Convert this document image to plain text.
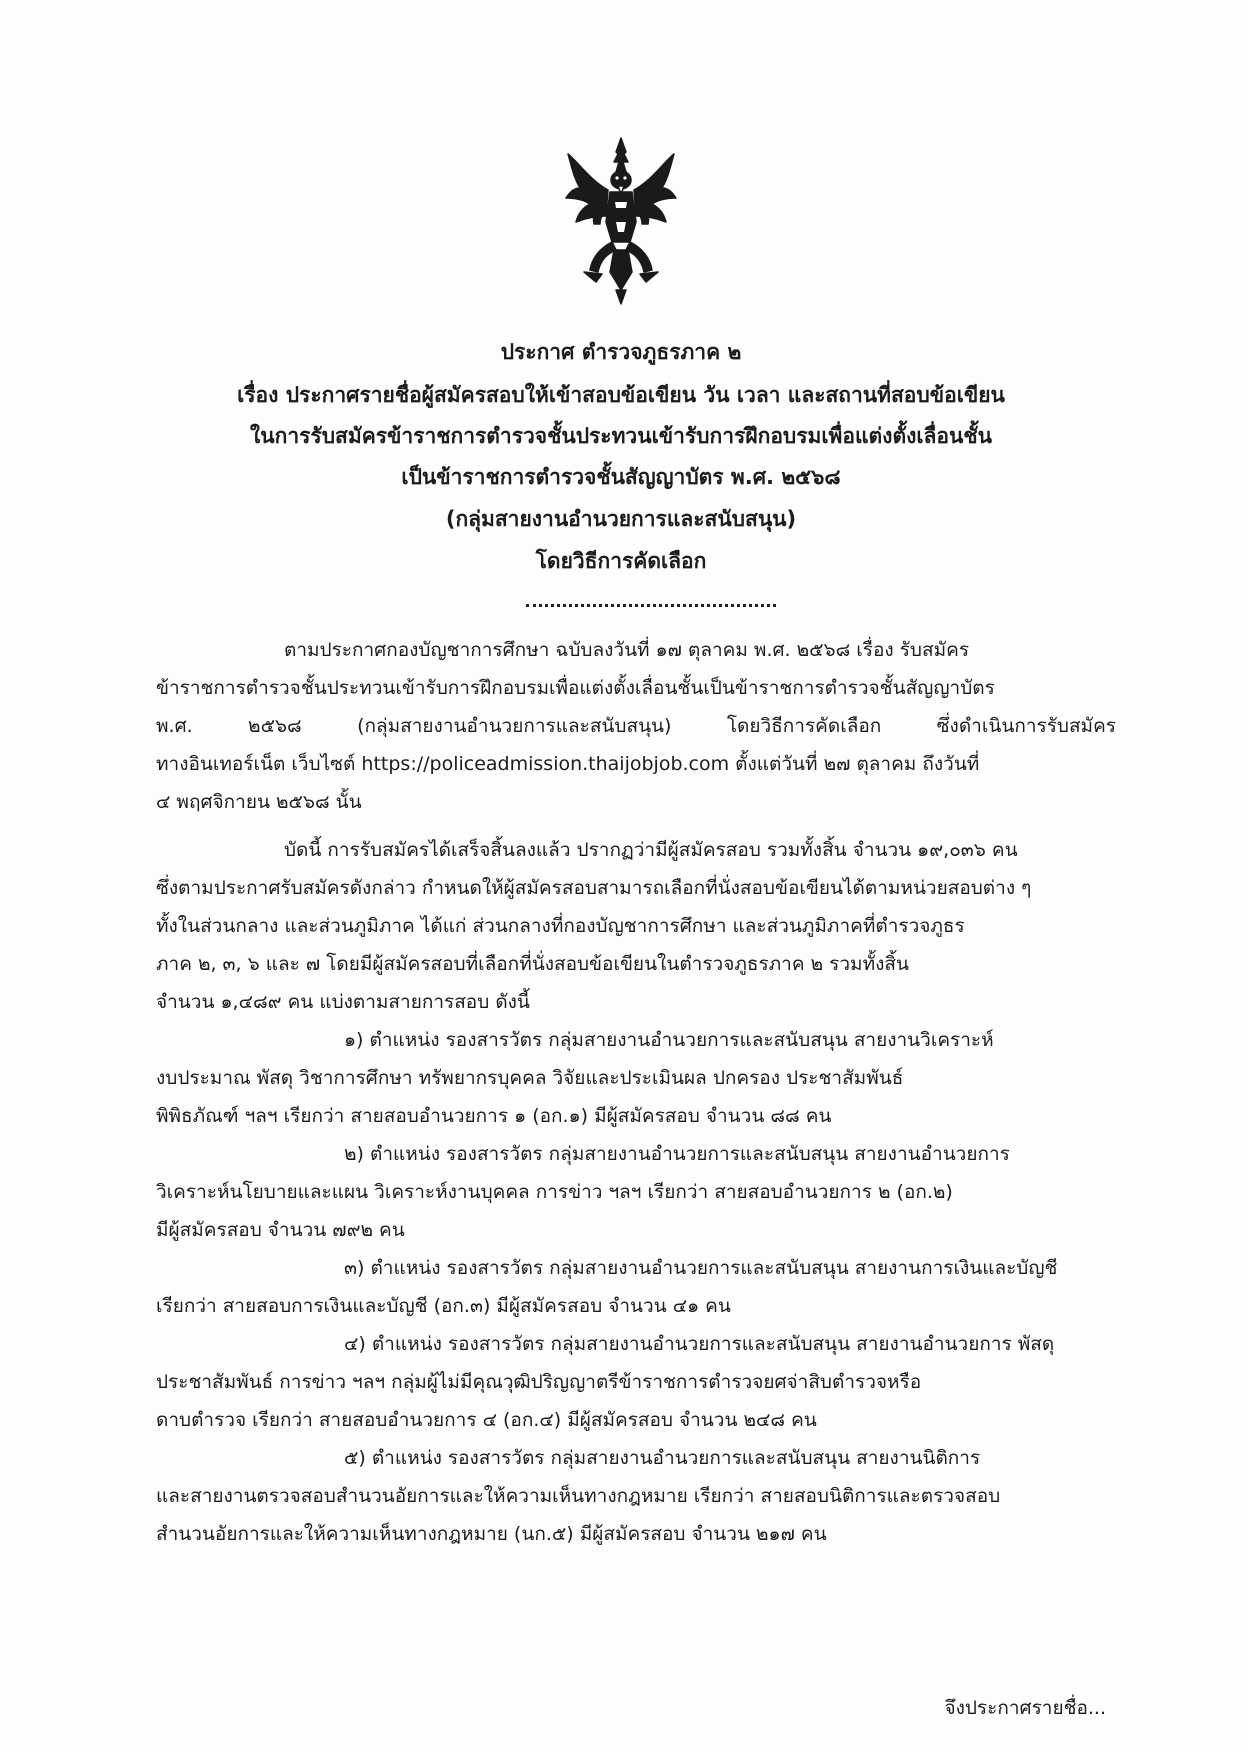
ประกาศ ตำรวจภูธรภาค ๒
เรื่อง ประกาศรายชื่อผู้สมัครสอบให้เข้าสอบข้อเขียน วัน เวลา และสถานที่สอบข้อเขียน
ในการรับสมัครข้าราชการตำรวจชั้นประทวนเข้ารับการฝึกอบรมเพื่อแต่งตั้งเลื่อนชั้น
เป็นข้าราชการตำรวจชั้นสัญญาบัตร พ.ศ. ๒๕๖๘
(กลุ่มสายงานอำนวยการและสนับสนุน)
โดยวิธีการคัดเลือก
ตามประกาศกองบัญชาการศึกษา ฉบับลงวันที่ ๑๗ ตุลาคม พ.ศ. ๒๕๖๘ เรื่อง รับสมัคร
ข้าราชการตำรวจชั้นประทวนเข้ารับการฝึกอบรมเพื่อแต่งตั้งเลื่อนชั้นเป็นข้าราชการตำรวจชั้นสัญญาบัตร
พ.ศ. ๒๕๖๘ (กลุ่มสายงานอำนวยการและสนับสนุน) โดยวิธีการคัดเลือก ซึ่งดำเนินการรับสมัคร
ทางอินเทอร์เน็ต เว็บไซต์ https://policeadmission.thaijobjob.com ตั้งแต่วันที่ ๒๗ ตุลาคม ถึงวันที่
๔ พฤศจิกายน ๒๕๖๘ นั้น
บัดนี้ การรับสมัครได้เสร็จสิ้นลงแล้ว ปรากฏว่ามีผู้สมัครสอบ รวมทั้งสิ้น จำนวน ๑๙,๐๓๖ คน
ซึ่งตามประกาศรับสมัครดังกล่าว กำหนดให้ผู้สมัครสอบสามารถเลือกที่นั่งสอบข้อเขียนได้ตามหน่วยสอบต่าง ๆ
ทั้งในส่วนกลาง และส่วนภูมิภาค ได้แก่ ส่วนกลางที่กองบัญชาการศึกษา และส่วนภูมิภาคที่ตำรวจภูธร
ภาค ๒, ๓, ๖ และ ๗ โดยมีผู้สมัครสอบที่เลือกที่นั่งสอบข้อเขียนในตำรวจภูธรภาค ๒ รวมทั้งสิ้น
จำนวน ๑,๔๘๙ คน แบ่งตามสายการสอบ ดังนี้
๑) ตำแหน่ง รองสารวัตร กลุ่มสายงานอำนวยการและสนับสนุน สายงานวิเคราะห์
งบประมาณ พัสดุ วิชาการศึกษา ทรัพยากรบุคคล วิจัยและประเมินผล ปกครอง ประชาสัมพันธ์
พิพิธภัณฑ์ ฯลฯ เรียกว่า สายสอบอำนวยการ ๑ (อก.๑) มีผู้สมัครสอบ จำนวน ๘๘ คน
๒) ตำแหน่ง รองสารวัตร กลุ่มสายงานอำนวยการและสนับสนุน สายงานอำนวยการ
วิเคราะห์นโยบายและแผน วิเคราะห์งานบุคคล การข่าว ฯลฯ เรียกว่า สายสอบอำนวยการ ๒ (อก.๒)
มีผู้สมัครสอบ จำนวน ๗๙๒ คน
๓) ตำแหน่ง รองสารวัตร กลุ่มสายงานอำนวยการและสนับสนุน สายงานการเงินและบัญชี
เรียกว่า สายสอบการเงินและบัญชี (อก.๓) มีผู้สมัครสอบ จำนวน ๔๑ คน
๔) ตำแหน่ง รองสารวัตร กลุ่มสายงานอำนวยการและสนับสนุน สายงานอำนวยการ พัสดุ
ประชาสัมพันธ์ การข่าว ฯลฯ กลุ่มผู้ไม่มีคุณวุฒิปริญญาตรีข้าราชการตำรวจยศจ่าสิบตำรวจหรือ
ดาบตำรวจ เรียกว่า สายสอบอำนวยการ ๔ (อก.๔) มีผู้สมัครสอบ จำนวน ๒๔๘ คน
๕) ตำแหน่ง รองสารวัตร กลุ่มสายงานอำนวยการและสนับสนุน สายงานนิติการ
และสายงานตรวจสอบสำนวนอัยการและให้ความเห็นทางกฎหมาย เรียกว่า สายสอบนิติการและตรวจสอบ
สำนวนอัยการและให้ความเห็นทางกฎหมาย (นก.๕) มีผู้สมัครสอบ จำนวน ๒๑๗ คน
จึงประกาศรายชื่อ...
